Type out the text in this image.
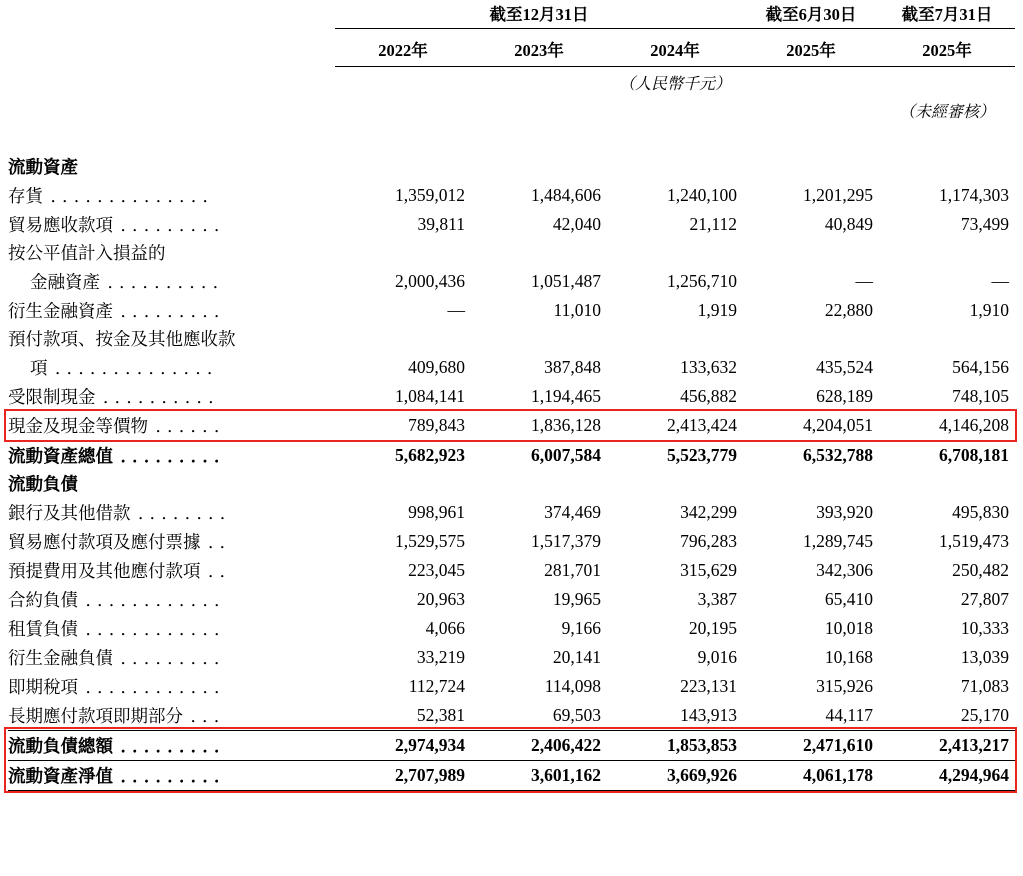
	截至12月31日			截至6月30日	截至7月31日

	2022年	2023年	2024年	2025年	2025年
			（人民幣千元）		
					（未經審核）

流動資產					
存貨 ．．．．．．．．．．．．．．	1,359,012	1,484,606	1,240,100	1,201,295	1,174,303
貿易應收款項 ．．．．．．．．．	39,811	42,040	21,112	40,849	73,499
按公平值計入損益的					
金融資產 ．．．．．．．．．．	2,000,436	1,051,487	1,256,710	—	—
衍生金融資產 ．．．．．．．．．	—	11,010	1,919	22,880	1,910
預付款項、按金及其他應收款					
項 ．．．．．．．．．．．．．．	409,680	387,848	133,632	435,524	564,156
受限制現金 ．．．．．．．．．．	1,084,141	1,194,465	456,882	628,189	748,105
現金及現金等價物 ．．．．．．	789,843	1,836,128	2,413,424	4,204,051	4,146,208
流動資產總值 ．．．．．．．．．	5,682,923	6,007,584	5,523,779	6,532,788	6,708,181
流動負債					
銀行及其他借款 ．．．．．．．．	998,961	374,469	342,299	393,920	495,830
貿易應付款項及應付票據 ．．	1,529,575	1,517,379	796,283	1,289,745	1,519,473
預提費用及其他應付款項 ．．	223,045	281,701	315,629	342,306	250,482
合約負債 ．．．．．．．．．．．．	20,963	19,965	3,387	65,410	27,807
租賃負債 ．．．．．．．．．．．．	4,066	9,166	20,195	10,018	10,333
衍生金融負債 ．．．．．．．．．	33,219	20,141	9,016	10,168	13,039
即期稅項 ．．．．．．．．．．．．	112,724	114,098	223,131	315,926	71,083
長期應付款項即期部分 ．．．	52,381	69,503	143,913	44,117	25,170
流動負債總額 ．．．．．．．．．	2,974,934	2,406,422	1,853,853	2,471,610	2,413,217
流動資產淨值 ．．．．．．．．．	2,707,989	3,601,162	3,669,926	4,061,178	4,294,964
